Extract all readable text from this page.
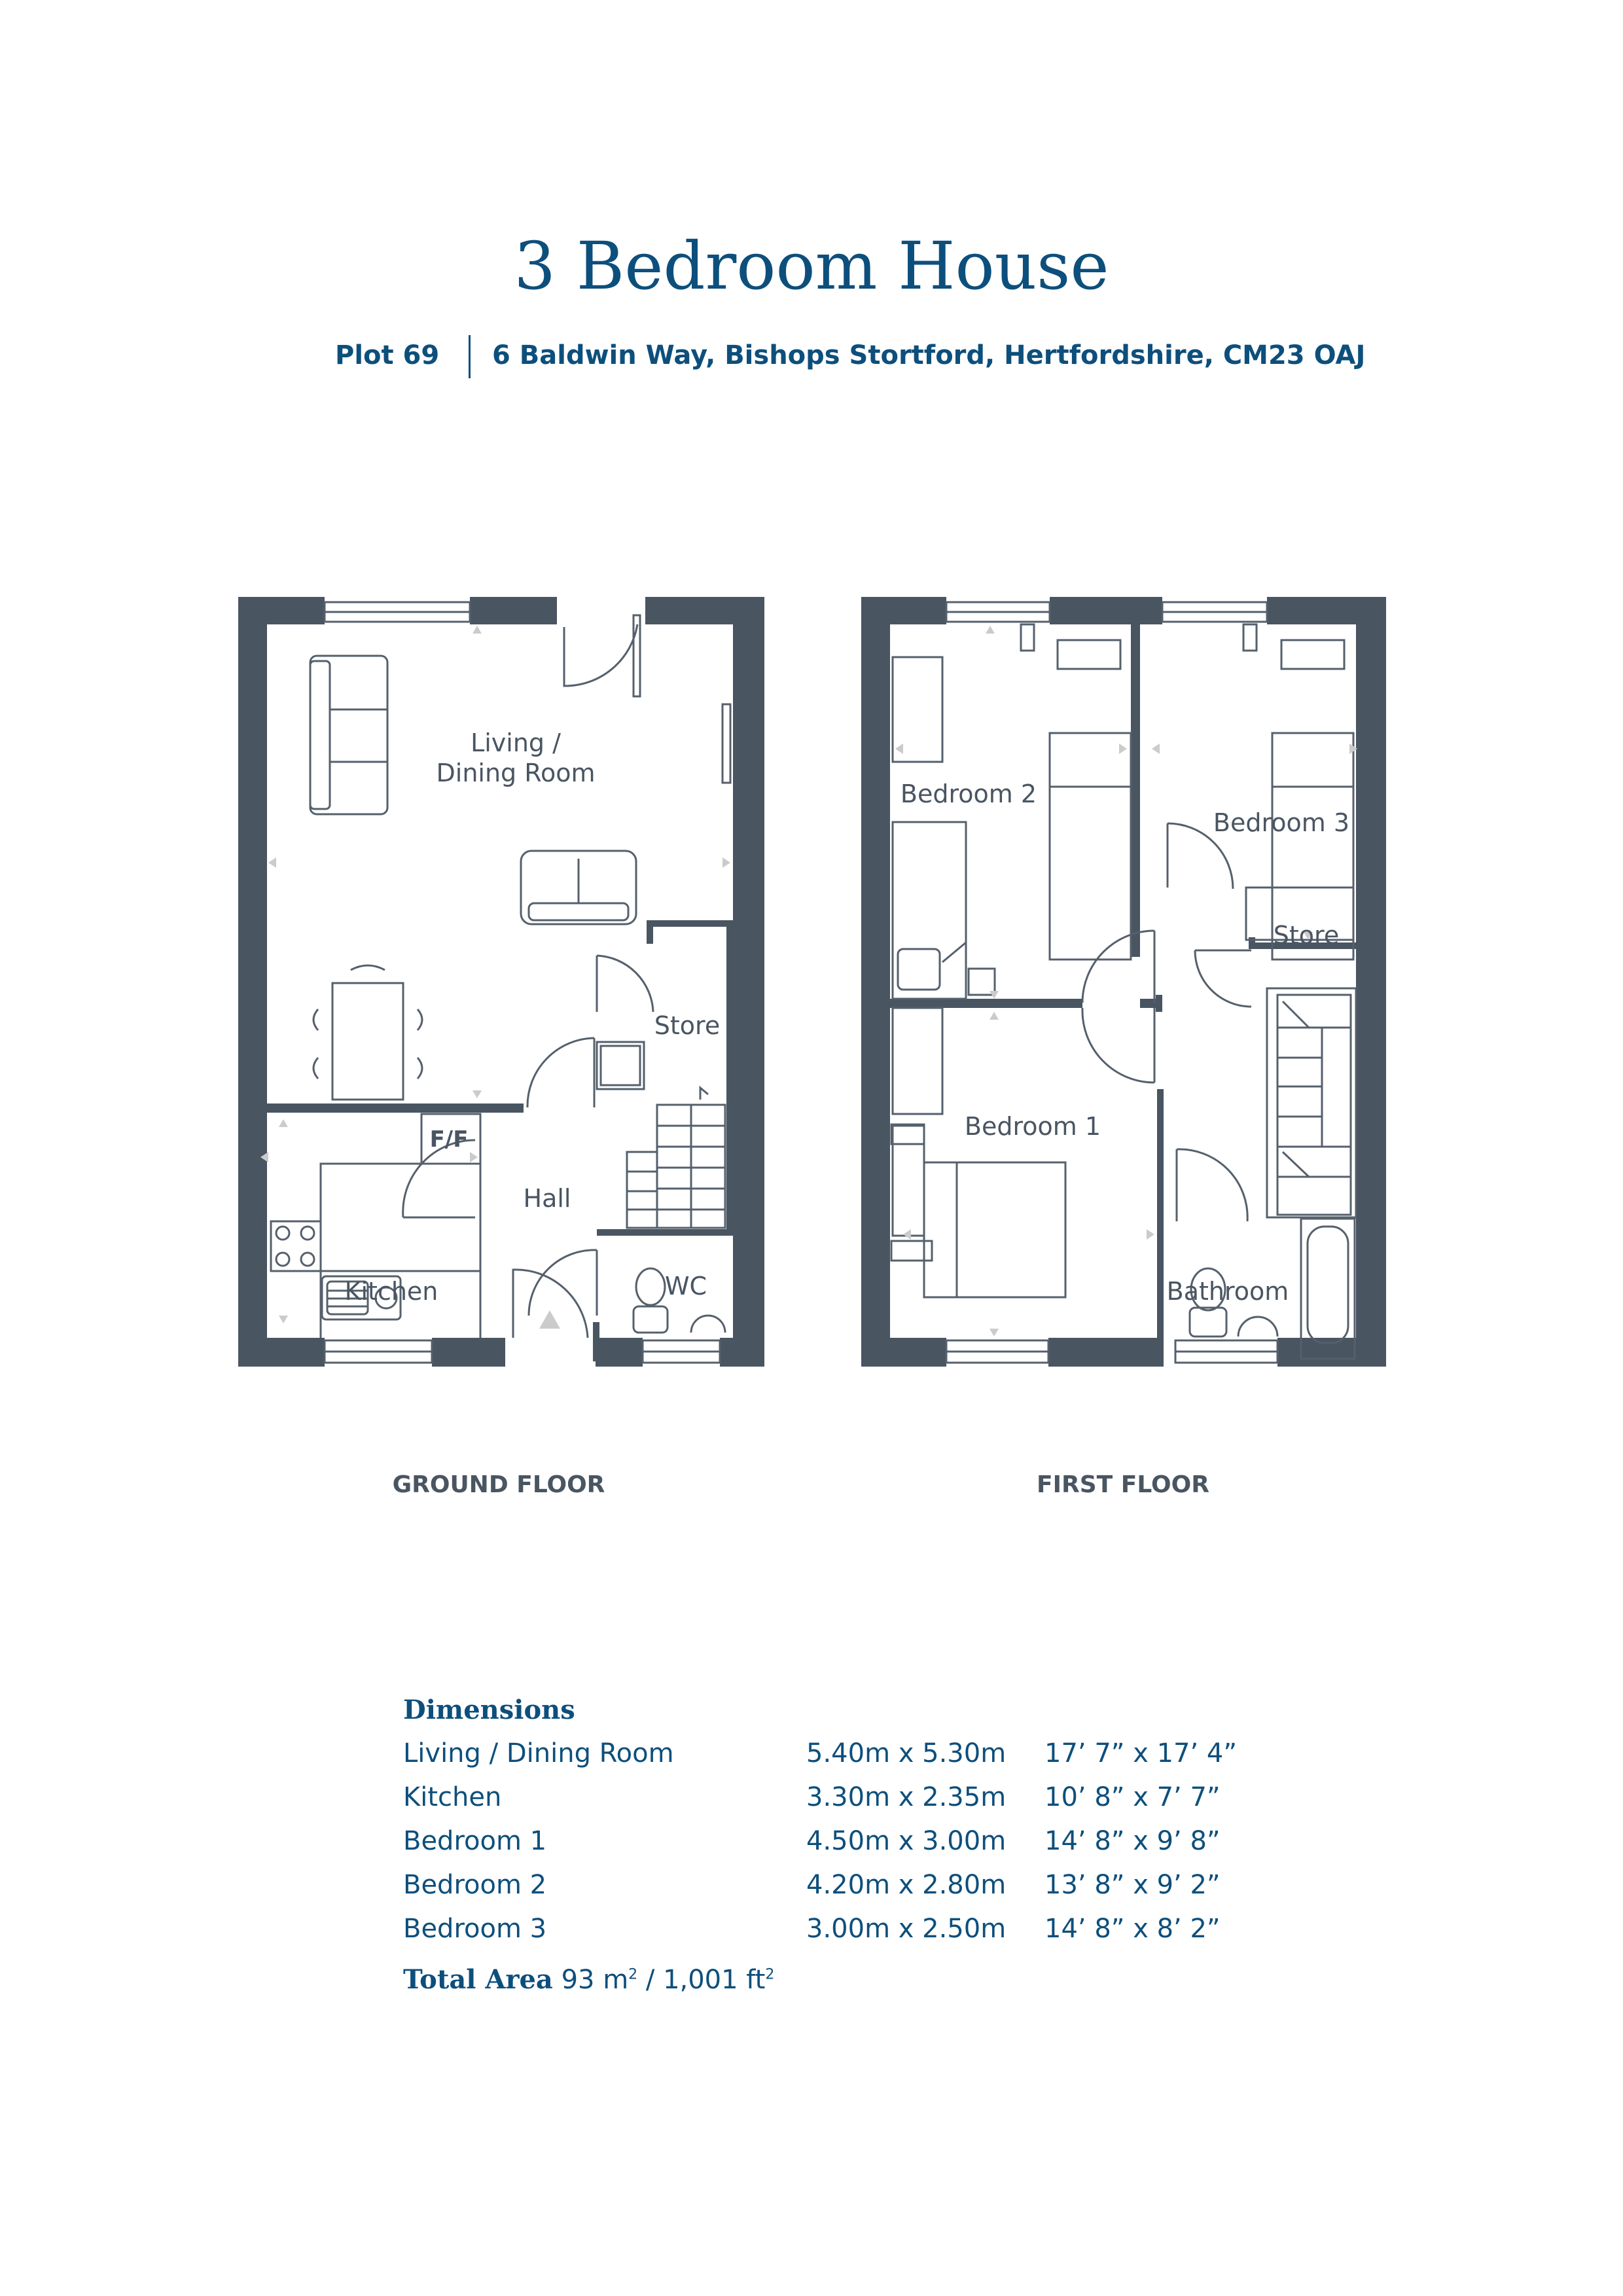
3 Bedroom House
Plot 69 6 Baldwin Way, Bishops Stortford, Hertfordshire, CM23 OAJ
Living /
Dining Room
Store
F/F
Hall
Kitchen	WC
Bedroom 2
Bedroom 3
Store
Bedroom 1
Bathroom
GROUND FLOOR	FIRST FLOOR
Dimensions
Living / Dining Room	5.40m x 5.30m 17’ 7” x 17’ 4”
Kitchen	3.30m x 2.35m 10’ 8” x 7’ 7”
Bedroom 1	4.50m x 3.00m 14’ 8” x 9’ 8”
Bedroom 2	4.20m x 2.80m 13’ 8” x 9’ 2”
Bedroom 3	3.00m x 2.50m 14’ 8” x 8’ 2”
Total Area 93 $m^2 / 1,001$ $ft^2$
